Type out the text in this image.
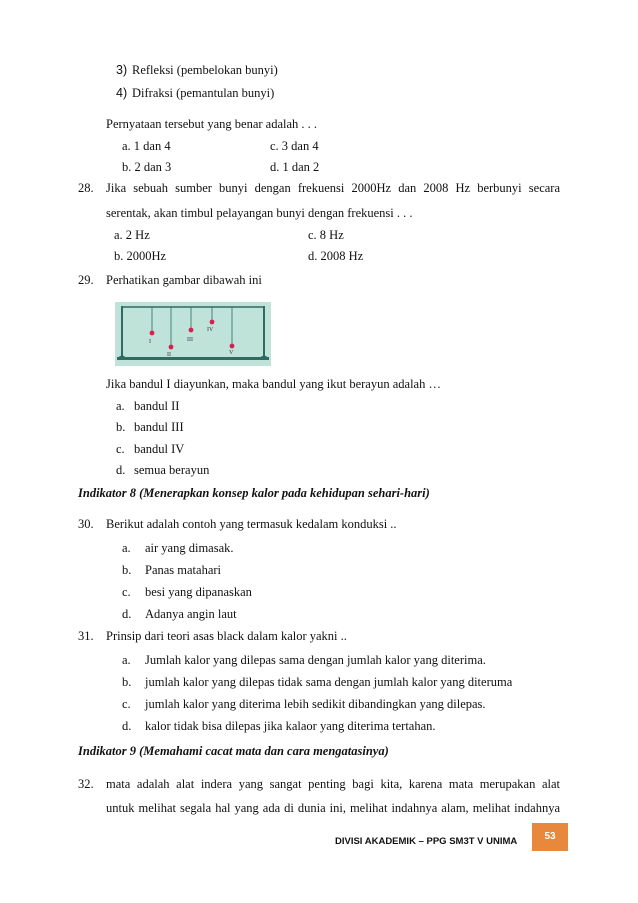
3) Refleksi (pembelokan bunyi)
4) Difraksi (pemantulan bunyi)
Pernyataan tersebut yang benar adalah . . .
a. 1 dan 4	c. 3 dan 4
b. 2 dan 3	d. 1 dan 2
28. Jika sebuah sumber bunyi dengan frekuensi 2000Hz dan 2008 Hz berbunyi secara
serentak, akan timbul pelayangan bunyi dengan frekuensi . . .
a. 2 Hz	c. 8 Hz
b. 2000Hz	d. 2008 Hz
29. Perhatikan gambar dibawah ini
I
II
III
IV
V
Jika bandul I diayunkan, maka bandul yang ikut berayun adalah …
a. bandul II
b. bandul III
c. bandul IV
d. semua berayun
Indikator 8 (Menerapkan konsep kalor pada kehidupan sehari-hari)
30. Berikut adalah contoh yang termasuk kedalam konduksi ..
a. air yang dimasak.
b. Panas matahari
c. besi yang dipanaskan
d. Adanya angin laut
31. Prinsip dari teori asas black dalam kalor yakni ..
a. Jumlah kalor yang dilepas sama dengan jumlah kalor yang diterima.
b. jumlah kalor yang dilepas tidak sama dengan jumlah kalor yang diteruma
c. jumlah kalor yang diterima lebih sedikit dibandingkan yang dilepas.
d. kalor tidak bisa dilepas jika kalaor yang diterima tertahan.
Indikator 9 (Memahami cacat mata dan cara mengatasinya)
32. mata adalah alat indera yang sangat penting bagi kita, karena mata merupakan alat
untuk melihat segala hal yang ada di dunia ini, melihat indahnya alam, melihat indahnya
DIVISI AKADEMIK – PPG SM3T V UNIMA	53
